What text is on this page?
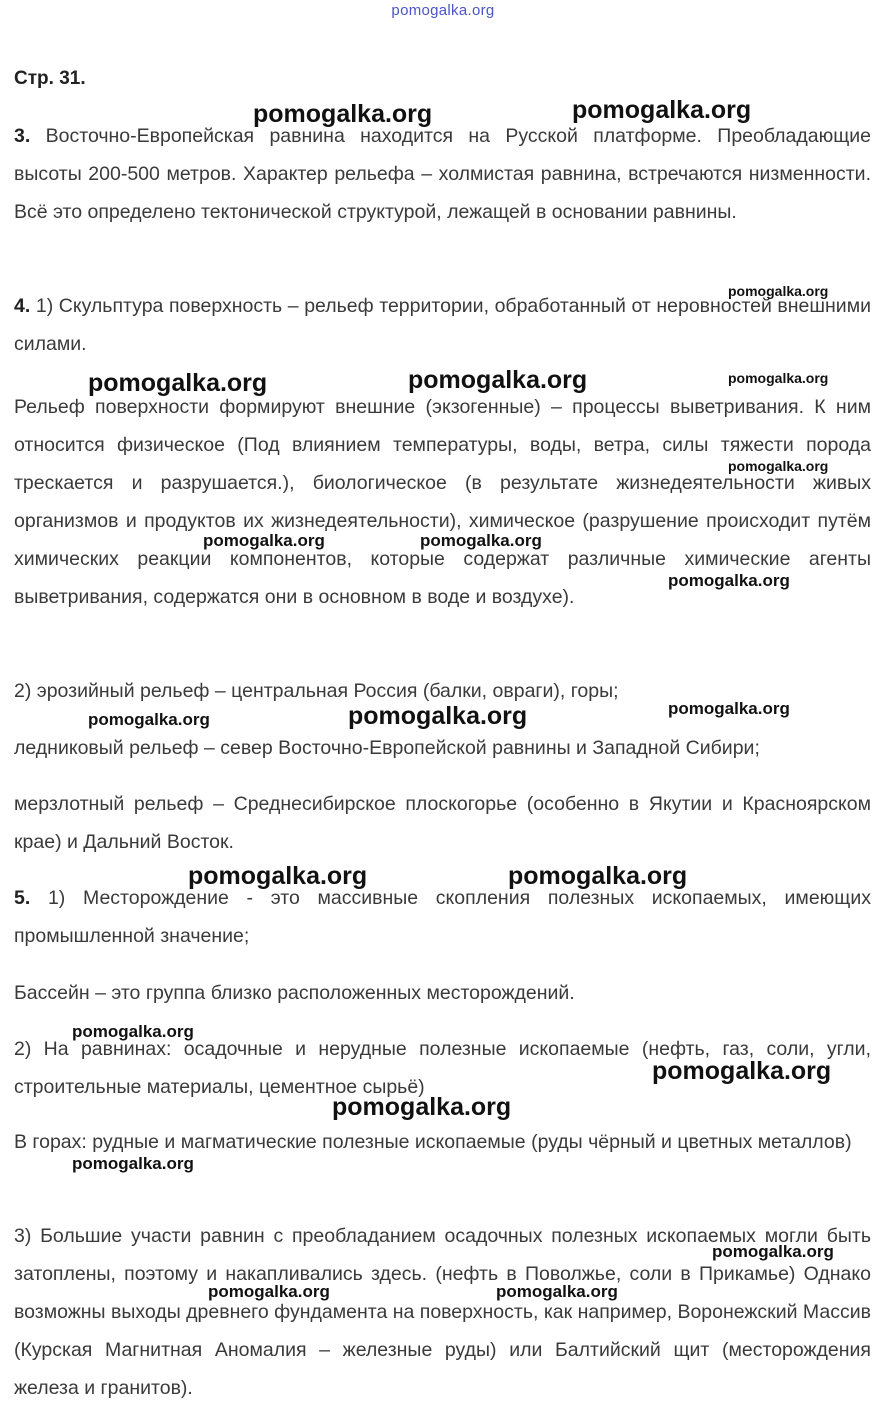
pomogalka.org
Стр. 31.

3. Восточно-Европейская равнина находится на Русской платформе. Преобладающие высоты 200-500 метров. Характер рельефа – холмистая равнина, встречаются низменности. Всё это определено тектонической структурой, лежащей в основании равнины.

4. 1) Скульптура поверхность – рельеф территории, обработанный от неровностей внешними силами.

Рельеф поверхности формируют внешние (экзогенные) – процессы выветривания. К ним относится физическое (Под влиянием температуры, воды, ветра, силы тяжести порода трескается и разрушается.), биологическое (в результате жизнедеятельности живых организмов и продуктов их жизнедеятельности), химическое (разрушение происходит путём химических реакции компонентов, которые содержат различные химические агенты выветривания, содержатся они в основном в воде и воздухе).

2) эрозийный рельеф – центральная Россия (балки, овраги), горы;

ледниковый рельеф – север Восточно-Европейской равнины и Западной Сибири;

мерзлотный рельеф – Среднесибирское плоскогорье (особенно в Якутии и Красноярском крае) и Дальний Восток.

5. 1) Месторождение - это массивные скопления полезных ископаемых, имеющих промышленной значение;

Бассейн – это группа близко расположенных месторождений.

2) На равнинах: осадочные и нерудные полезные ископаемые (нефть, газ, соли, угли, строительные материалы, цементное сырьё)

В горах: рудные и магматические полезные ископаемые (руды чёрный и цветных металлов)

3) Большие участи равнин с преобладанием осадочных полезных ископаемых могли быть затоплены, поэтому и накапливались здесь. (нефть в Поволжье, соли в Прикамье) Однако возможны выходы древнего фундамента на поверхность, как например, Воронежский Массив (Курская Магнитная Аномалия – железные руды) или Балтийский щит (месторождения железа и гранитов).

pomogalka.org	pomogalka.org
pomogalka.org
pomogalka.org	pomogalka.org	pomogalka.org
pomogalka.org
pomogalka.org	pomogalka.org
pomogalka.org
pomogalka.org	pomogalka.org	pomogalka.org
pomogalka.org	pomogalka.org
pomogalka.org
pomogalka.org
pomogalka.org
pomogalka.org
pomogalka.org
pomogalka.org	pomogalka.org
